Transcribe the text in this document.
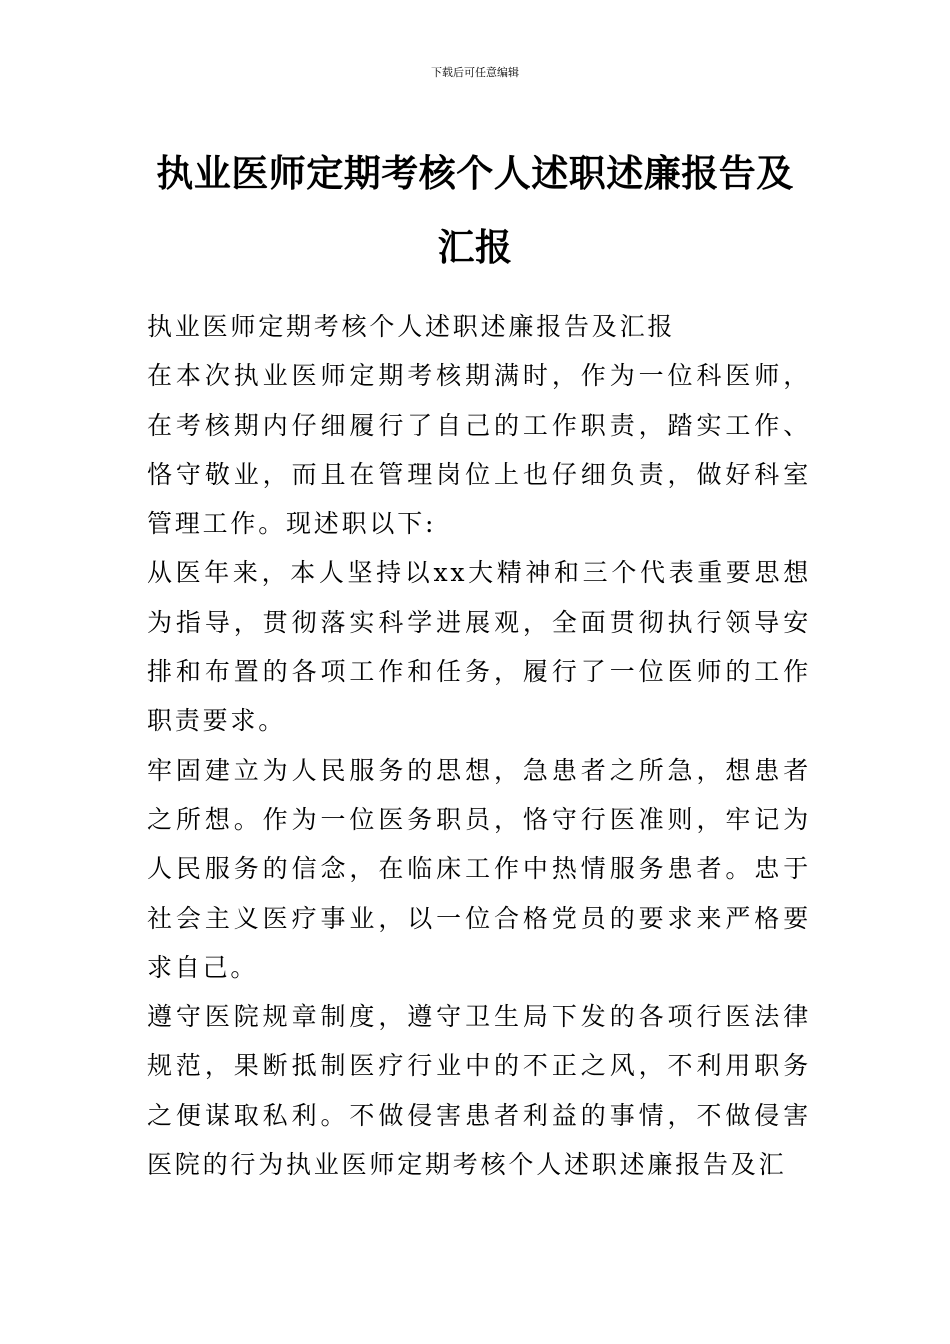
下载后可任意编辑
执业医师定期考核个人述职述廉报告及汇报

执业医师定期考核个人述职述廉报告及汇报

在本次执业医师定期考核期满时，作为一位科医师，在考核期内仔细履行了自己的工作职责，踏实工作、恪守敬业，而且在管理岗位上也仔细负责，做好科室管理工作。现述职以下:

从医年来，本人坚持以xx大精神和三个代表重要思想为指导，贯彻落实科学进展观，全面贯彻执行领导安排和布置的各项工作和任务，履行了一位医师的工作职责要求。

牢固建立为人民服务的思想，急患者之所急，想患者之所想。作为一位医务职员，恪守行医准则，牢记为人民服务的信念，在临床工作中热情服务患者。忠于社会主义医疗事业，以一位合格党员的要求来严格要求自己。

遵守医院规章制度，遵守卫生局下发的各项行医法律规范，果断抵制医疗行业中的不正之风，不利用职务之便谋取私利。不做侵害患者利益的事情，不做侵害医院的行为执业医师定期考核个人述职述廉报告及汇
